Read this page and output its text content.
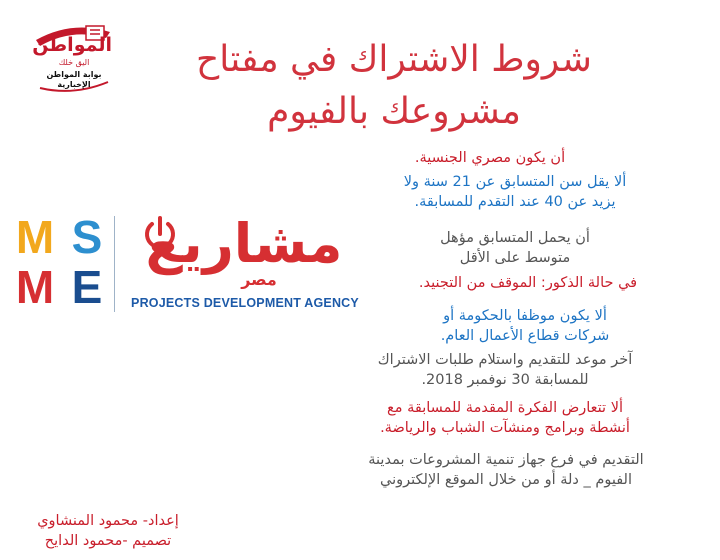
المواطن
اليق خلك
بوابة المواطن الإخبارية
شروط الاشتراك في مفتاح
مشروعك بالفيوم
M S
M E
مشاريع
مصر
PROJECTS DEVELOPMENT AGENCY
أن يكون مصري الجنسية.
ألا يقل سن المتسابق عن 21 سنة ولا
يزيد عن 40 عند التقدم للمسابقة.
أن يحمل المتسابق مؤهل
متوسط على الأقل
في حالة الذكور: الموقف من التجنيد.
ألا يكون موظفا بالحكومة أو
شركات قطاع الأعمال العام.
آخر موعد للتقديم واستلام طلبات الاشتراك
للمسابقة 30 نوفمبر 2018.
ألا تتعارض الفكرة المقدمة للمسابقة مع
أنشطة وبرامج ومنشآت الشباب والرياضة.
التقديم في فرع جهاز تنمية المشروعات بمدينة
الفيوم _ دلة أو من خلال الموقع الإلكتروني
إعداد- محمود المنشاوي
تصميم -محمود الدايح
